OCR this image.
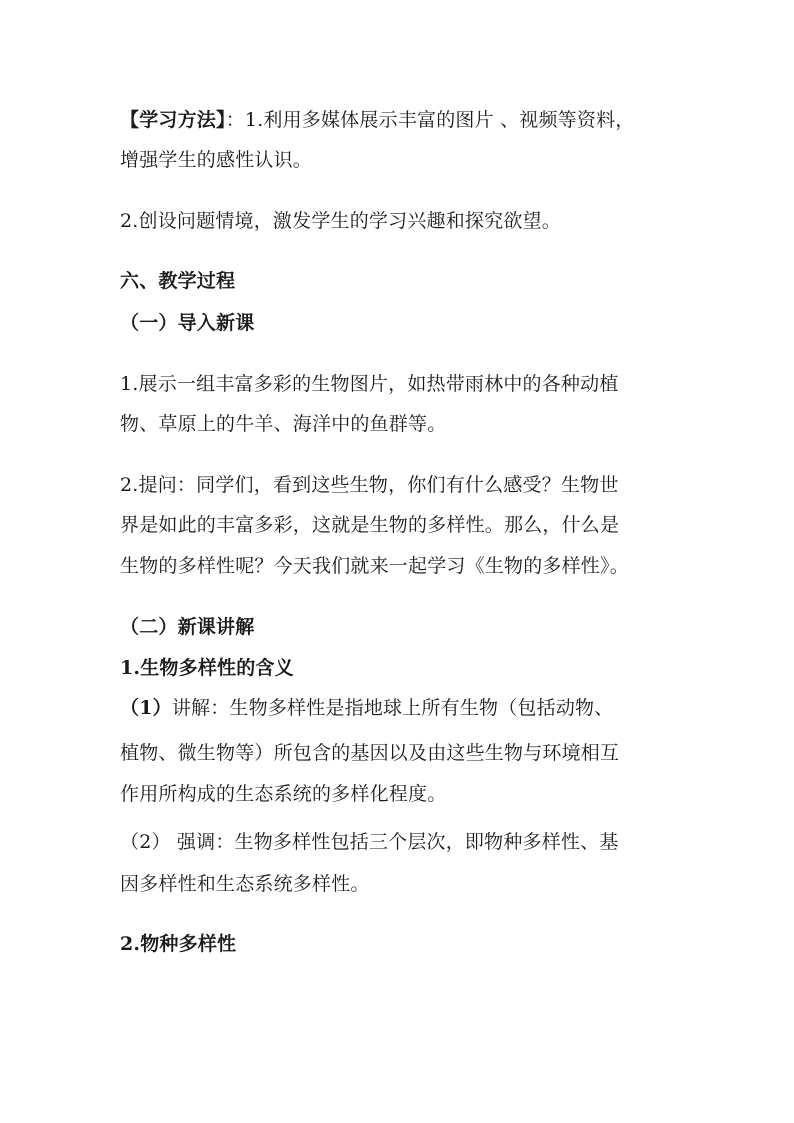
【学习方法】：1.利用多媒体展示丰富的图片 、视频等资料，
增强学生的感性认识。
2.创设问题情境，激发学生的学习兴趣和探究欲望。
六、教学过程
（一）导入新课
1.展示一组丰富多彩的生物图片，如热带雨林中的各种动植
物、草原上的牛羊、海洋中的鱼群等。
2.提问：同学们，看到这些生物，你们有什么感受？生物世
界是如此的丰富多彩，这就是生物的多样性。那么，什么是
生物的多样性呢？今天我们就来一起学习《生物的多样性》。
（二）新课讲解
1.生物多样性的含义
（1）讲解：生物多样性是指地球上所有生物（包括动物、
植物、微生物等）所包含的基因以及由这些生物与环境相互
作用所构成的生态系统的多样化程度。
（2） 强调：生物多样性包括三个层次，即物种多样性、基
因多样性和生态系统多样性。
2.物种多样性
